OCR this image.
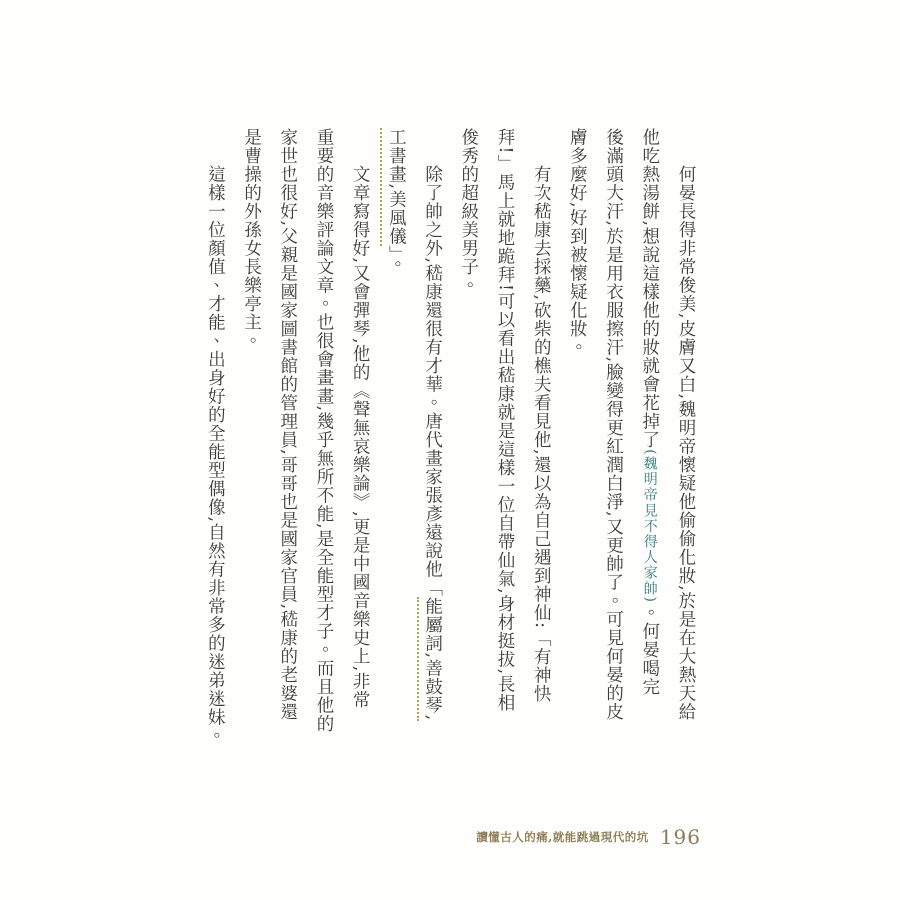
何晏長得非常俊美,皮膚又白,魏明帝懷疑他偷偷化妝,於是在大熱天給
他吃熱湯餅,想說這樣他的妝就會花掉了(魏明帝見不得人家帥)。何晏喝完
後滿頭大汗,於是用衣服擦汗,臉變得更紅潤白淨,又更帥了。可見何晏的皮
膚多麼好,好到被懷疑化妝。
有次嵇康去採藥,砍柴的樵夫看見他,還以為自己遇到神仙:「有神快
拜!」馬上就地跪拜!可以看出嵇康就是這樣一位自帶仙氣,身材挺拔,長相
俊秀的超級美男子。
除了帥之外,嵇康還很有才華。唐代畫家張彥遠說他「能屬詞,善鼓琴,
工書畫,美風儀」。
文章寫得好,又會彈琴,他的《聲無哀樂論》,更是中國音樂史上,非常
重要的音樂評論文章。也很會畫畫,幾乎無所不能,是全能型才子。而且他的
家世也很好,父親是國家圖書館的管理員,哥哥也是國家官員,嵇康的老婆還
是曹操的外孫女長樂亭主。
這樣一位顏值、才能、出身好的全能型偶像,自然有非常多的迷弟迷妹。
讀懂古人的痛,就能跳過現代的坑 196
